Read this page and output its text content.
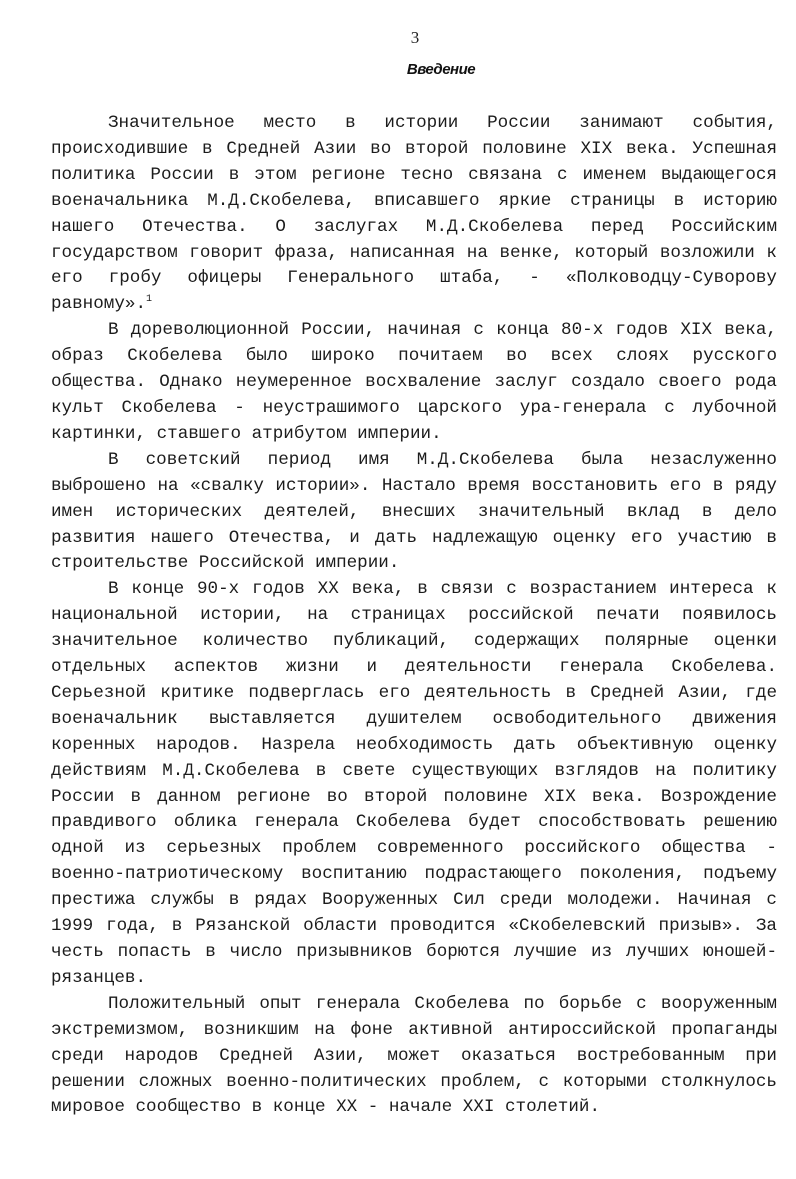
3
Введение

Значительное место в истории России занимают события, происходившие в Средней Азии во второй половине XIX века. Успешная политика России в этом регионе тесно связана с именем выдающегося военачальника М.Д.Скобелева, вписавшего яркие страницы в историю нашего Отечества. О заслугах М.Д.Скобелева перед Российским государством говорит фраза, написанная на венке, который возложили к его гробу офицеры Генерального штаба, - «Полководцу-Суворову равному».$^1$

В дореволюционной России, начиная с конца 80-х годов XIX века, образ Скобелева было широко почитаем во всех слоях русского общества. Однако неумеренное восхваление заслуг создало своего рода культ Скобелева - неустрашимого царского ура-генерала с лубочной картинки, ставшего атрибутом империи.

В советский период имя М.Д.Скобелева была незаслуженно выброшено на «свалку истории». Настало время восстановить его в ряду имен исторических деятелей, внесших значительный вклад в дело развития нашего Отечества, и дать надлежащую оценку его участию в строительстве Российской империи.

В конце 90-х годов XX века, в связи с возрастанием интереса к национальной истории, на страницах российской печати появилось значительное количество публикаций, содержащих полярные оценки отдельных аспектов жизни и деятельности генерала Скобелева. Серьезной критике подверглась его деятельность в Средней Азии, где военачальник выставляется душителем освободительного движения коренных народов. Назрела необходимость дать объективную оценку действиям М.Д.Скобелева в свете существующих взглядов на политику России в данном регионе во второй половине XIX века. Возрождение правдивого облика генерала Скобелева будет способствовать решению одной из серьезных проблем современного российского общества - военно-патриотическому воспитанию подрастающего поколения, подъему престижа службы в рядах Вооруженных Сил среди молодежи. Начиная с 1999 года, в Рязанской области проводится «Скобелевский призыв». За честь попасть в число призывников борются лучшие из лучших юношей-рязанцев.

Положительный опыт генерала Скобелева по борьбе с вооруженным экстремизмом, возникшим на фоне активной антироссийской пропаганды среди народов Средней Азии, может оказаться востребованным при решении сложных военно-политических проблем, с которыми столкнулось мировое сообщество в конце XX - начале XXI столетий.
